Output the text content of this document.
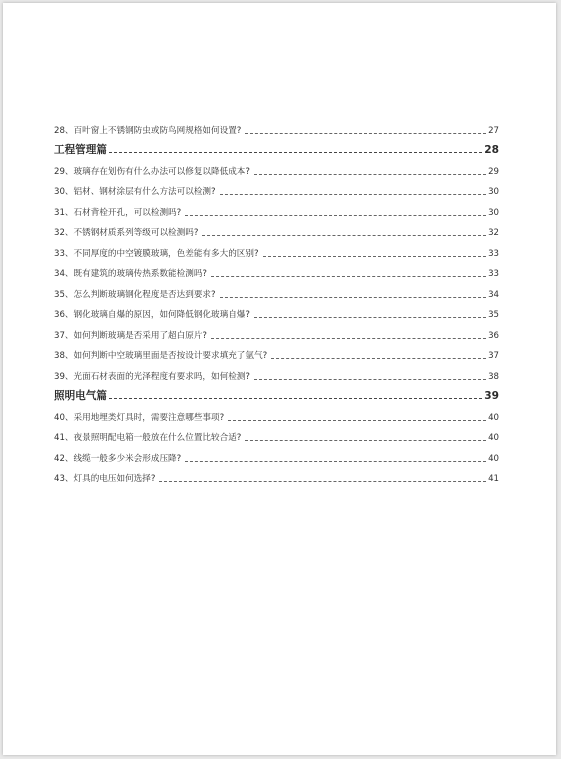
28、百叶窗上不锈钢防虫或防鸟网规格如何设置?	27
工程管理篇	28
29、玻璃存在划伤有什么办法可以修复以降低成本?	29
30、铝材、钢材涂层有什么方法可以检测?	30
31、石材背栓开孔，可以检测吗?	30
32、不锈钢材质系列等级可以检测吗?	32
33、不同厚度的中空镀膜玻璃，色差能有多大的区别?	33
34、既有建筑的玻璃传热系数能检测吗?	33
35、怎么判断玻璃钢化程度是否达到要求?	34
36、钢化玻璃自爆的原因，如何降低钢化玻璃自爆?	35
37、如何判断玻璃是否采用了超白原片?	36
38、如何判断中空玻璃里面是否按设计要求填充了氩气?	37
39、光面石材表面的光泽程度有要求吗，如何检测?	38
照明电气篇	39
40、采用地埋类灯具时，需要注意哪些事项?	40
41、夜景照明配电箱一般放在什么位置比较合适?	40
42、线缆一般多少米会形成压降?	40
43、灯具的电压如何选择?	41
